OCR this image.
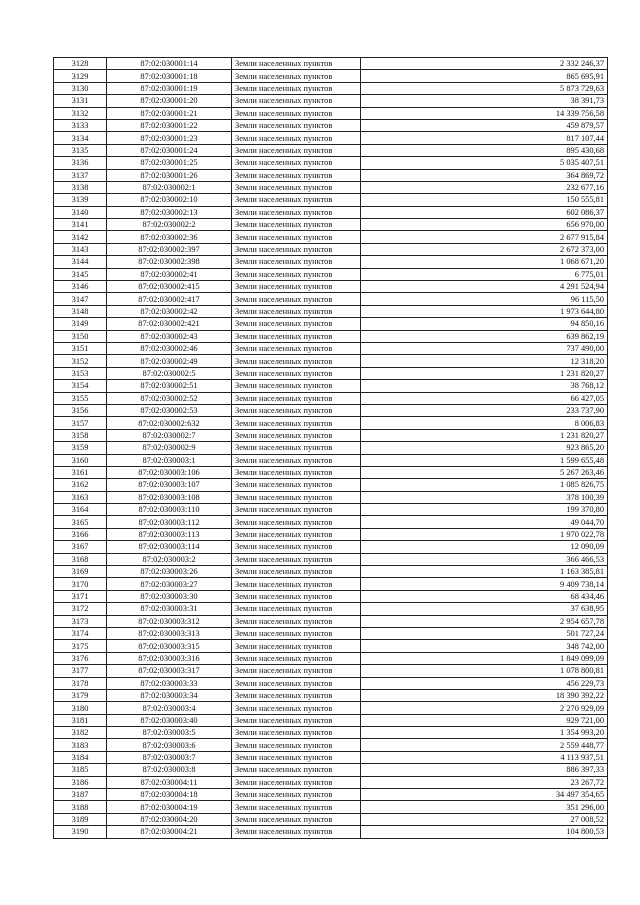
3128	87:02:030001:14	Земли населенных пунктов	2 332 246,37
3129	87:02:030001:18	Земли населенных пунктов	865 695,91
3130	87:02:030001:19	Земли населенных пунктов	5 873 729,63
3131	87:02:030001:20	Земли населенных пунктов	38 391,73
3132	87:02:030001:21	Земли населенных пунктов	14 339 756,58
3133	87:02:030001:22	Земли населенных пунктов	459 879,57
3134	87:02:030001:23	Земли населенных пунктов	817 107,44
3135	87:02:030001:24	Земли населенных пунктов	895 430,68
3136	87:02:030001:25	Земли населенных пунктов	5 035 407,51
3137	87:02:030001:26	Земли населенных пунктов	364 869,72
3138	87:02:030002:1	Земли населенных пунктов	232 677,16
3139	87:02:030002:10	Земли населенных пунктов	150 555,81
3140	87:02:030002:13	Земли населенных пунктов	602 086,37
3141	87:02:030002:2	Земли населенных пунктов	656 970,00
3142	87:02:030002:36	Земли населенных пунктов	2 677 915,84
3143	87:02:030002:397	Земли населенных пунктов	2 672 373,00
3144	87:02:030002:398	Земли населенных пунктов	1 068 671,20
3145	87:02:030002:41	Земли населенных пунктов	6 775,01
3146	87:02:030002:415	Земли населенных пунктов	4 291 524,94
3147	87:02:030002:417	Земли населенных пунктов	96 115,50
3148	87:02:030002:42	Земли населенных пунктов	1 973 644,80
3149	87:02:030002:421	Земли населенных пунктов	94 850,16
3150	87:02:030002:43	Земли населенных пунктов	639 862,19
3151	87:02:030002:46	Земли населенных пунктов	737 490,00
3152	87:02:030002:49	Земли населенных пунктов	12 318,20
3153	87:02:030002:5	Земли населенных пунктов	1 231 820,27
3154	87:02:030002:51	Земли населенных пунктов	38 768,12
3155	87:02:030002:52	Земли населенных пунктов	66 427,05
3156	87:02:030002:53	Земли населенных пунктов	233 737,90
3157	87:02:030002:632	Земли населенных пунктов	8 006,83
3158	87:02:030002:7	Земли населенных пунктов	1 231 820,27
3159	87:02:030002:9	Земли населенных пунктов	923 865,20
3160	87:02:030003:1	Земли населенных пунктов	1 599 655,48
3161	87:02:030003:106	Земли населенных пунктов	5 267 263,46
3162	87:02:030003:107	Земли населенных пунктов	1 085 826,75
3163	87:02:030003:108	Земли населенных пунктов	378 100,39
3164	87:02:030003:110	Земли населенных пунктов	199 370,80
3165	87:02:030003:112	Земли населенных пунктов	49 044,70
3166	87:02:030003:113	Земли населенных пунктов	1 970 022,78
3167	87:02:030003:114	Земли населенных пунктов	12 090,09
3168	87:02:030003:2	Земли населенных пунктов	366 466,53
3169	87:02:030003:26	Земли населенных пунктов	1 163 385,81
3170	87:02:030003:27	Земли населенных пунктов	9 409 738,14
3171	87:02:030003:30	Земли населенных пунктов	68 434,46
3172	87:02:030003:31	Земли населенных пунктов	37 638,95
3173	87:02:030003:312	Земли населенных пунктов	2 954 657,78
3174	87:02:030003:313	Земли населенных пунктов	501 727,24
3175	87:02:030003:315	Земли населенных пунктов	348 742,00
3176	87:02:030003:316	Земли населенных пунктов	1 849 099,09
3177	87:02:030003:317	Земли населенных пунктов	1 078 800,81
3178	87:02:030003:33	Земли населенных пунктов	456 229,73
3179	87:02:030003:34	Земли населенных пунктов	18 390 392,22
3180	87:02:030003:4	Земли населенных пунктов	2 270 929,09
3181	87:02:030003:40	Земли населенных пунктов	929 721,00
3182	87:02:030003:5	Земли населенных пунктов	1 354 993,20
3183	87:02:030003:6	Земли населенных пунктов	2 559 448,77
3184	87:02:030003:7	Земли населенных пунктов	4 113 937,51
3185	87:02:030003:8	Земли населенных пунктов	886 397,33
3186	87:02:030004:11	Земли населенных пунктов	23 267,72
3187	87:02:030004:18	Земли населенных пунктов	34 497 354,65
3188	87:02:030004:19	Земли населенных пунктов	351 296,00
3189	87:02:030004:20	Земли населенных пунктов	27 008,52
3190	87:02:030004:21	Земли населенных пунктов	104 800,53
